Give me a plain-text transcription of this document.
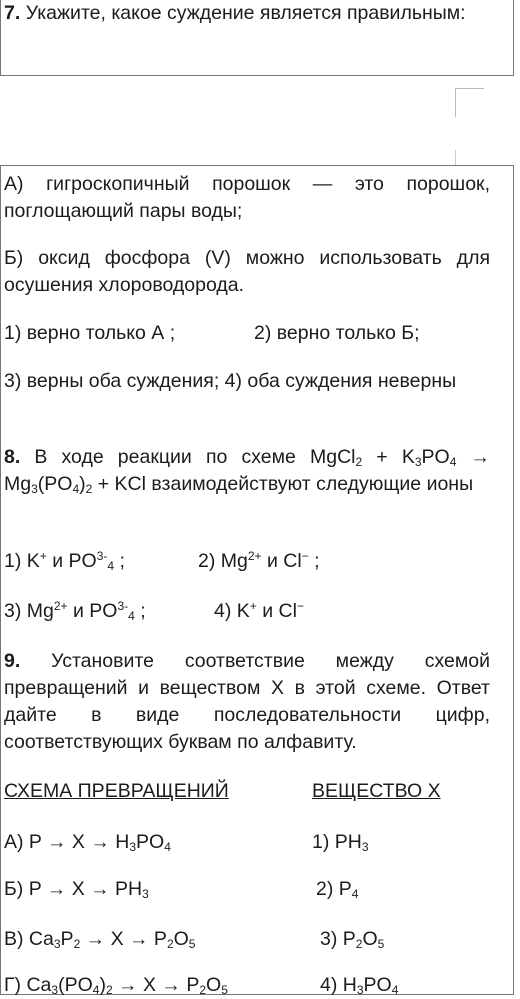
7. Укажите, какое суждение является правильным:
А) гигроскопичный порошок — это порошок, поглощающий пары воды;
Б) оксид фосфора (V) можно использовать для осушения хлороводорода.
1) верно только А ;	2) верно только Б;
3) верны оба суждения; 4) оба суждения неверны
8. В ходе реакции по схеме MgCl$_2$ + $K_3PO_4 \to Mg_3(PO_4)_2$ + KCl взаимодействуют следующие ионы
1) K+ и $PO^{3-}_4$ ;	2) $Mg^{2+}$ и Cl− ;
3) $Mg^{2+}$ и $PO^{3-}_4$ ;	4) K+ и Cl−
9. Установите соответствие между схемой превращений и веществом X в этой схеме. Ответ дайте в виде последовательности цифр, соответствующих буквам по алфавиту.
СХЕМА ПРЕВРАЩЕНИЙ	ВЕЩЕСТВО X
А) $P \to X \to H_3PO_4$	1) $PH_3$
Б) $P \to X \to PH_3$	2) $P_4$
В) $Ca_3P_2 \to X \to P_2O_5$	3) $P_2O_5$
Г) $Ca_3(PO_4)_2 \to X \to P_2O_5$	4) $H_3PO_4$
